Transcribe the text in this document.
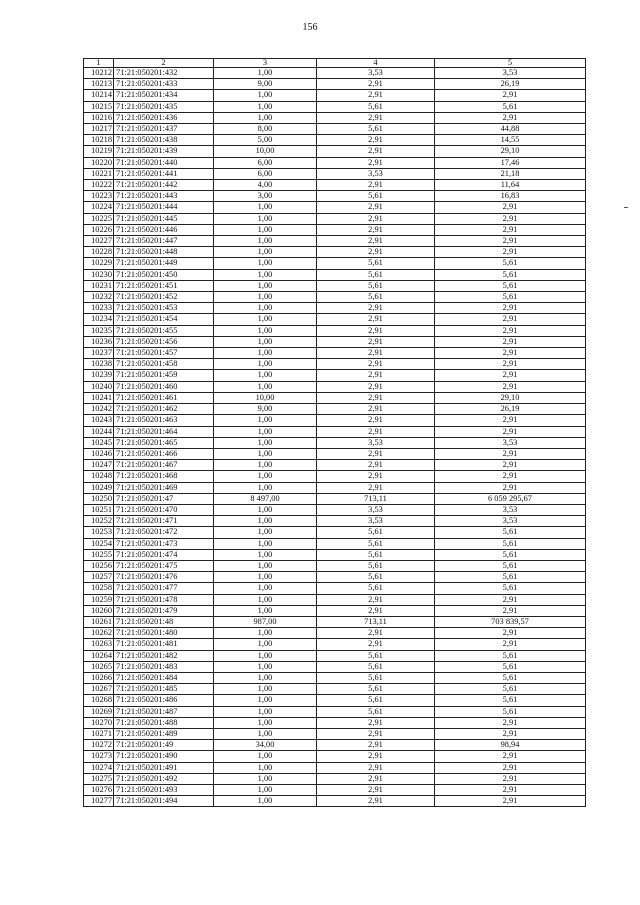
156
1	2	3	4	5
10212	71:21:050201:432	1,00	3,53	3,53
10213	71:21:050201:433	9,00	2,91	26,19
10214	71:21:050201:434	1,00	2,91	2,91
10215	71:21:050201:435	1,00	5,61	5,61
10216	71:21:050201:436	1,00	2,91	2,91
10217	71:21:050201:437	8,00	5,61	44,88
10218	71:21:050201:438	5,00	2,91	14,55
10219	71:21:050201:439	10,00	2,91	29,10
10220	71:21:050201:440	6,00	2,91	17,46
10221	71:21:050201:441	6,00	3,53	21,18
10222	71:21:050201:442	4,00	2,91	11,64
10223	71:21:050201:443	3,00	5,61	16,83
10224	71:21:050201:444	1,00	2,91	2,91
10225	71:21:050201:445	1,00	2,91	2,91
10226	71:21:050201:446	1,00	2,91	2,91
10227	71:21:050201:447	1,00	2,91	2,91
10228	71:21:050201:448	1,00	2,91	2,91
10229	71:21:050201:449	1,00	5,61	5,61
10230	71:21:050201:450	1,00	5,61	5,61
10231	71:21:050201:451	1,00	5,61	5,61
10232	71:21:050201:452	1,00	5,61	5,61
10233	71:21:050201:453	1,00	2,91	2,91
10234	71:21:050201:454	1,00	2,91	2,91
10235	71:21:050201:455	1,00	2,91	2,91
10236	71:21:050201:456	1,00	2,91	2,91
10237	71:21:050201:457	1,00	2,91	2,91
10238	71:21:050201:458	1,00	2,91	2,91
10239	71:21:050201:459	1,00	2,91	2,91
10240	71:21:050201:460	1,00	2,91	2,91
10241	71:21:050201:461	10,00	2,91	29,10
10242	71:21:050201:462	9,00	2,91	26,19
10243	71:21:050201:463	1,00	2,91	2,91
10244	71:21:050201:464	1,00	2,91	2,91
10245	71:21:050201:465	1,00	3,53	3,53
10246	71:21:050201:466	1,00	2,91	2,91
10247	71:21:050201:467	1,00	2,91	2,91
10248	71:21:050201:468	1,00	2,91	2,91
10249	71:21:050201:469	1,00	2,91	2,91
10250	71:21:050201:47	8 497,00	713,11	6 059 295,67
10251	71:21:050201:470	1,00	3,53	3,53
10252	71:21:050201:471	1,00	3,53	3,53
10253	71:21:050201:472	1,00	5,61	5,61
10254	71:21:050201:473	1,00	5,61	5,61
10255	71:21:050201:474	1,00	5,61	5,61
10256	71:21:050201:475	1,00	5,61	5,61
10257	71:21:050201:476	1,00	5,61	5,61
10258	71:21:050201:477	1,00	5,61	5,61
10259	71:21:050201:478	1,00	2,91	2,91
10260	71:21:050201:479	1,00	2,91	2,91
10261	71:21:050201:48	987,00	713,11	703 839,57
10262	71:21:050201:480	1,00	2,91	2,91
10263	71:21:050201:481	1,00	2,91	2,91
10264	71:21:050201:482	1,00	5,61	5,61
10265	71:21:050201:483	1,00	5,61	5,61
10266	71:21:050201:484	1,00	5,61	5,61
10267	71:21:050201:485	1,00	5,61	5,61
10268	71:21:050201:486	1,00	5,61	5,61
10269	71:21:050201:487	1,00	5,61	5,61
10270	71:21:050201:488	1,00	2,91	2,91
10271	71:21:050201:489	1,00	2,91	2,91
10272	71:21:050201:49	34,00	2,91	98,94
10273	71:21:050201:490	1,00	2,91	2,91
10274	71:21:050201:491	1,00	2,91	2,91
10275	71:21:050201:492	1,00	2,91	2,91
10276	71:21:050201:493	1,00	2,91	2,91
10277	71:21:050201:494	1,00	2,91	2,91
